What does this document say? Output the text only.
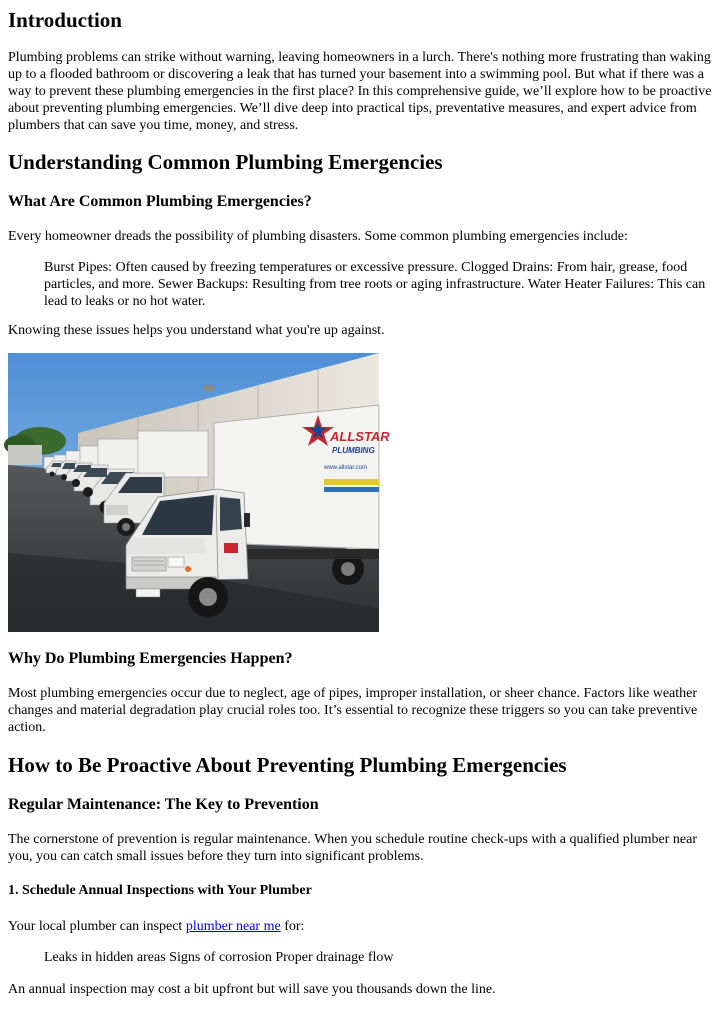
Introduction

Plumbing problems can strike without warning, leaving homeowners in a lurch. There's nothing more frustrating than waking up to a flooded bathroom or discovering a leak that has turned your basement into a swimming pool. But what if there was a way to prevent these plumbing emergencies in the first place? In this comprehensive guide, we’ll explore how to be proactive about preventing plumbing emergencies. We’ll dive deep into practical tips, preventative measures, and expert advice from plumbers that can save you time, money, and stress.

Understanding Common Plumbing Emergencies
What Are Common Plumbing Emergencies?

Every homeowner dreads the possibility of plumbing disasters. Some common plumbing emergencies include:

Burst Pipes: Often caused by freezing temperatures or excessive pressure. Clogged Drains: From hair, grease, food particles, and more. Sewer Backups: Resulting from tree roots or aging infrastructure. Water Heater Failures: This can lead to leaks or no hot water.

Knowing these issues helps you understand what you're up against.

ALLSTAR
PLUMBING
www.allstar.com
Why Do Plumbing Emergencies Happen?

Most plumbing emergencies occur due to neglect, age of pipes, improper installation, or sheer chance. Factors like weather changes and material degradation play crucial roles too. It’s essential to recognize these triggers so you can take preventive action.

How to Be Proactive About Preventing Plumbing Emergencies
Regular Maintenance: The Key to Prevention

The cornerstone of prevention is regular maintenance. When you schedule routine check-ups with a qualified plumber near you, you can catch small issues before they turn into significant problems.

1. Schedule Annual Inspections with Your Plumber

Your local plumber can inspect plumber near me for:

Leaks in hidden areas Signs of corrosion Proper drainage flow

An annual inspection may cost a bit upfront but will save you thousands down the line.
